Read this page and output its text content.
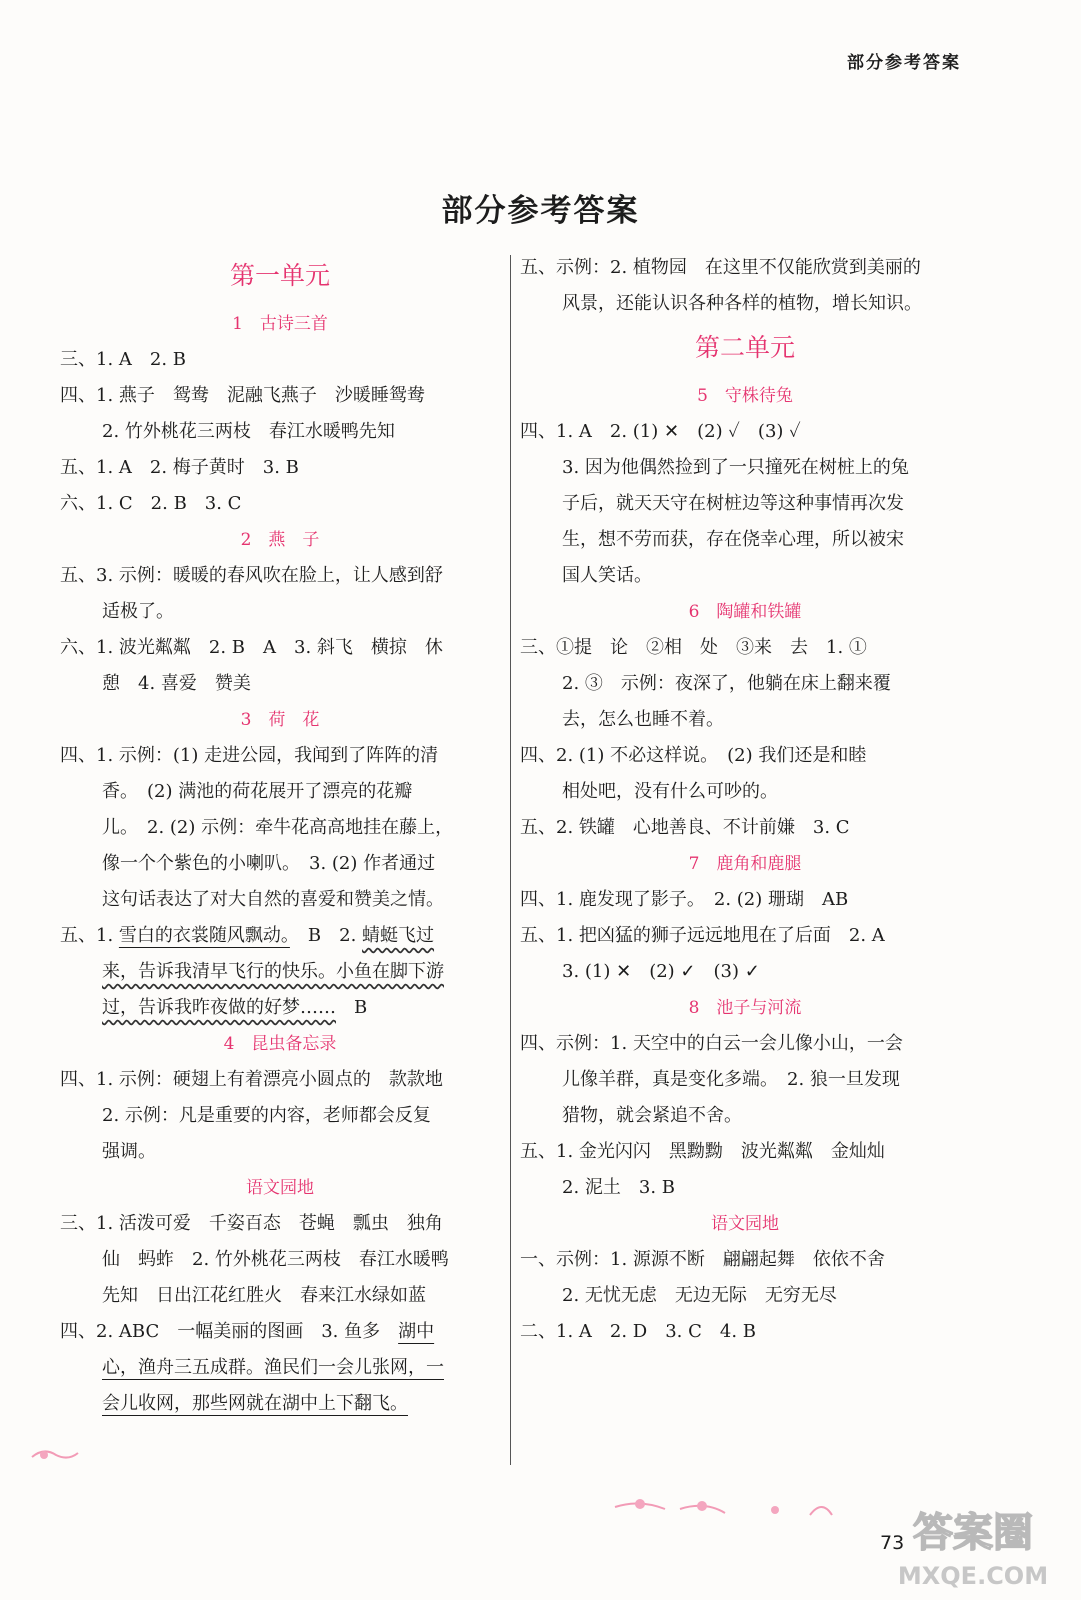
部分参考答案
部分参考答案
第一单元
1　古诗三首
三、1. A　2. B
四、1. 燕子　鸳鸯　泥融飞燕子　沙暖睡鸳鸯
2. 竹外桃花三两枝　春江水暖鸭先知
五、1. A　2. 梅子黄时　3. B
六、1. C　2. B　3. C
2　燕　子
五、3. 示例：暖暖的春风吹在脸上，让人感到舒
适极了。
六、1. 波光粼粼　2. B　A　3. 斜飞　横掠　休
憩　4. 喜爱　赞美
3　荷　花
四、1. 示例：(1) 走进公园，我闻到了阵阵的清
香。　(2) 满池的荷花展开了漂亮的花瓣
儿。　2. (2) 示例：牵牛花高高地挂在藤上，
像一个个紫色的小喇叭。　3. (2) 作者通过
这句话表达了对大自然的喜爱和赞美之情。
五、1. 雪白的衣裳随风飘动。　B　2. 蜻蜓飞过
来，告诉我清早飞行的快乐。小鱼在脚下游
过，告诉我昨夜做的好梦……　B
4　昆虫备忘录
四、1. 示例：硬翅上有着漂亮小圆点的　款款地
2. 示例：凡是重要的内容，老师都会反复
强调。
语文园地
三、1. 活泼可爱　千姿百态　苍蝇　瓢虫　独角
仙　蚂蚱　2. 竹外桃花三两枝　春江水暖鸭
先知　日出江花红胜火　春来江水绿如蓝
四、2. ABC　一幅美丽的图画　3. 鱼多　湖中
心，渔舟三五成群。渔民们一会儿张网，一
会儿收网，那些网就在湖中上下翻飞。
五、示例：2. 植物园　在这里不仅能欣赏到美丽的
风景，还能认识各种各样的植物，增长知识。
第二单元
5　守株待兔
四、1. A　2. (1) ✕　(2) ✓　(3) ✓
3. 因为他偶然捡到了一只撞死在树桩上的兔
子后，就天天守在树桩边等这种事情再次发
生，想不劳而获，存在侥幸心理，所以被宋
国人笑话。
6　陶罐和铁罐
三、①提　论　②相　处　③来　去　1. ①
2. ③　示例：夜深了，他躺在床上翻来覆
去，怎么也睡不着。
四、2. (1) 不必这样说。　(2) 我们还是和睦
相处吧，没有什么可吵的。
五、2. 铁罐　心地善良、不计前嫌　3. C
7　鹿角和鹿腿
四、1. 鹿发现了影子。　2. (2) 珊瑚　AB
五、1. 把凶猛的狮子远远地甩在了后面　2. A
3. (1) ✕　(2) ✓　(3) ✓
8　池子与河流
四、示例：1. 天空中的白云一会儿像小山，一会
儿像羊群，真是变化多端。　2. 狼一旦发现
猎物，就会紧追不舍。
五、1. 金光闪闪　黑黝黝　波光粼粼　金灿灿
2. 泥土　3. B
语文园地
一、示例：1. 源源不断　翩翩起舞　依依不舍
2. 无忧无虑　无边无际　无穷无尽
二、1. A　2. D　3. C　4. B
73 答案圈
MXQE.COM
